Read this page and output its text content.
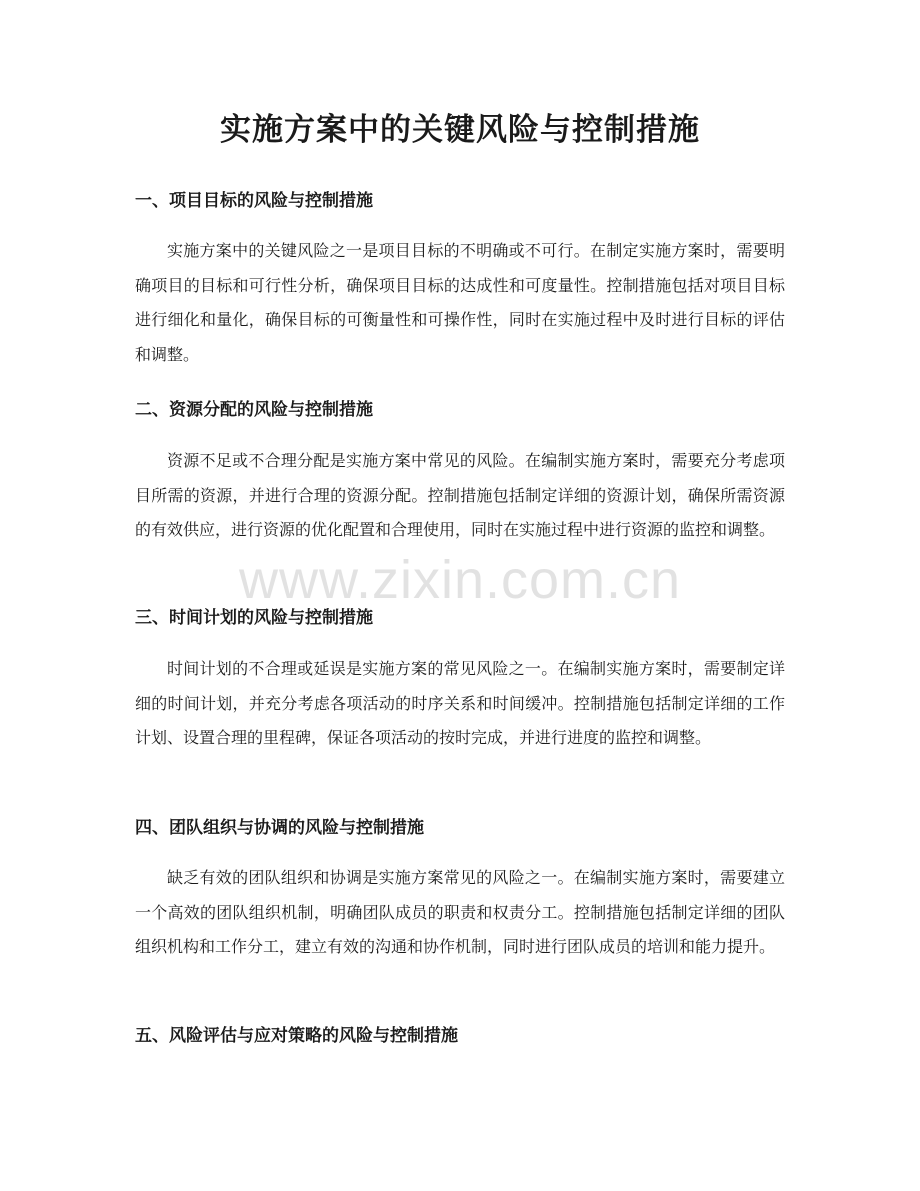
实施方案中的关键风险与控制措施
一、项目目标的风险与控制措施

实施方案中的关键风险之一是项目目标的不明确或不可行。在制定实施方案时，需要明确项目的目标和可行性分析，确保项目目标的达成性和可度量性。控制措施包括对项目目标进行细化和量化，确保目标的可衡量性和可操作性，同时在实施过程中及时进行目标的评估和调整。

二、资源分配的风险与控制措施

资源不足或不合理分配是实施方案中常见的风险。在编制实施方案时，需要充分考虑项目所需的资源，并进行合理的资源分配。控制措施包括制定详细的资源计划，确保所需资源的有效供应，进行资源的优化配置和合理使用，同时在实施过程中进行资源的监控和调整。

三、时间计划的风险与控制措施

时间计划的不合理或延误是实施方案的常见风险之一。在编制实施方案时，需要制定详细的时间计划，并充分考虑各项活动的时序关系和时间缓冲。控制措施包括制定详细的工作计划、设置合理的里程碑，保证各项活动的按时完成，并进行进度的监控和调整。

四、团队组织与协调的风险与控制措施

缺乏有效的团队组织和协调是实施方案常见的风险之一。在编制实施方案时，需要建立一个高效的团队组织机制，明确团队成员的职责和权责分工。控制措施包括制定详细的团队组织机构和工作分工，建立有效的沟通和协作机制，同时进行团队成员的培训和能力提升。

五、风险评估与应对策略的风险与控制措施
www.zixin.com.cn
